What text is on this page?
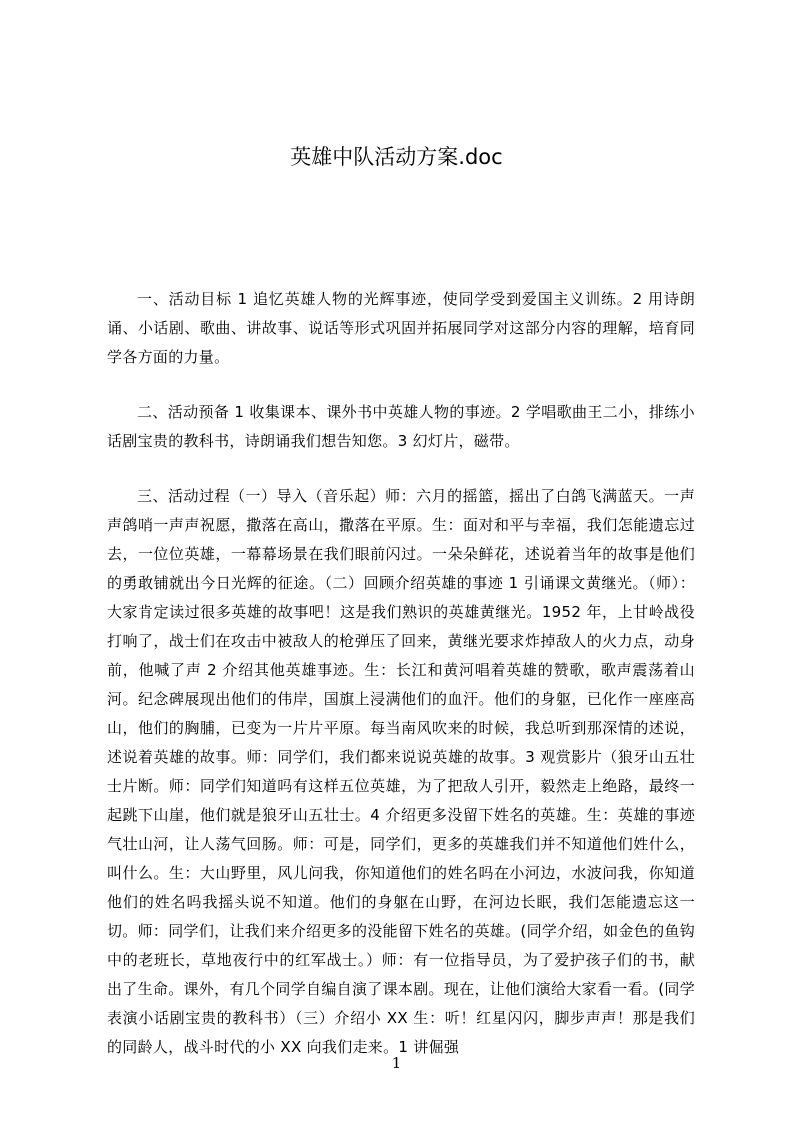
英雄中队活动方案.doc

一、活动目标 1 追忆英雄人物的光辉事迹，使同学受到爱国主义训练。2 用诗朗诵、小话剧、歌曲、讲故事、说话等形式巩固并拓展同学对这部分内容的理解，培育同学各方面的力量。

二、活动预备 1 收集课本、课外书中英雄人物的事迹。2 学唱歌曲王二小，排练小话剧宝贵的教科书，诗朗诵我们想告知您。3 幻灯片，磁带。

三、活动过程（一）导入（音乐起）师：六月的摇篮，摇出了白鸽飞满蓝天。一声声鸽哨一声声祝愿，撒落在高山，撒落在平原。生：面对和平与幸福，我们怎能遗忘过去，一位位英雄，一幕幕场景在我们眼前闪过。一朵朵鲜花，述说着当年的故事是他们的勇敢铺就出今日光辉的征途。（二）回顾介绍英雄的事迹 1 引诵课文黄继光。（师）：大家肯定读过很多英雄的故事吧！这是我们熟识的英雄黄继光。1952 年，上甘岭战役打响了，战士们在攻击中被敌人的枪弹压了回来，黄继光要求炸掉敌人的火力点，动身前，他喊了声 2 介绍其他英雄事迹。生：长江和黄河唱着英雄的赞歌，歌声震荡着山河。纪念碑展现出他们的伟岸，国旗上浸满他们的血汗。他们的身躯，已化作一座座高山，他们的胸脯，已变为一片片平原。每当南风吹来的时候，我总听到那深情的述说，述说着英雄的故事。师：同学们，我们都来说说英雄的故事。3 观赏影片（狼牙山五壮士片断。师：同学们知道吗有这样五位英雄，为了把敌人引开，毅然走上绝路，最终一起跳下山崖，他们就是狼牙山五壮士。4 介绍更多没留下姓名的英雄。生：英雄的事迹气壮山河，让人荡气回肠。师：可是，同学们，更多的英雄我们并不知道他们姓什么，叫什么。生：大山野里，风儿问我，你知道他们的姓名吗在小河边，水波问我，你知道他们的姓名吗我摇头说不知道。他们的身躯在山野，在河边长眠，我们怎能遗忘这一切。师：同学们，让我们来介绍更多的没能留下姓名的英雄。(同学介绍，如金色的鱼钩中的老班长，草地夜行中的红军战士。）师：有一位指导员，为了爱护孩子们的书，献出了生命。课外，有几个同学自编自演了课本剧。现在，让他们演给大家看一看。(同学表演小话剧宝贵的教科书）（三）介绍小 XX 生：听！红星闪闪，脚步声声！那是我们的同龄人，战斗时代的小 XX 向我们走来。1 讲倔强

1
